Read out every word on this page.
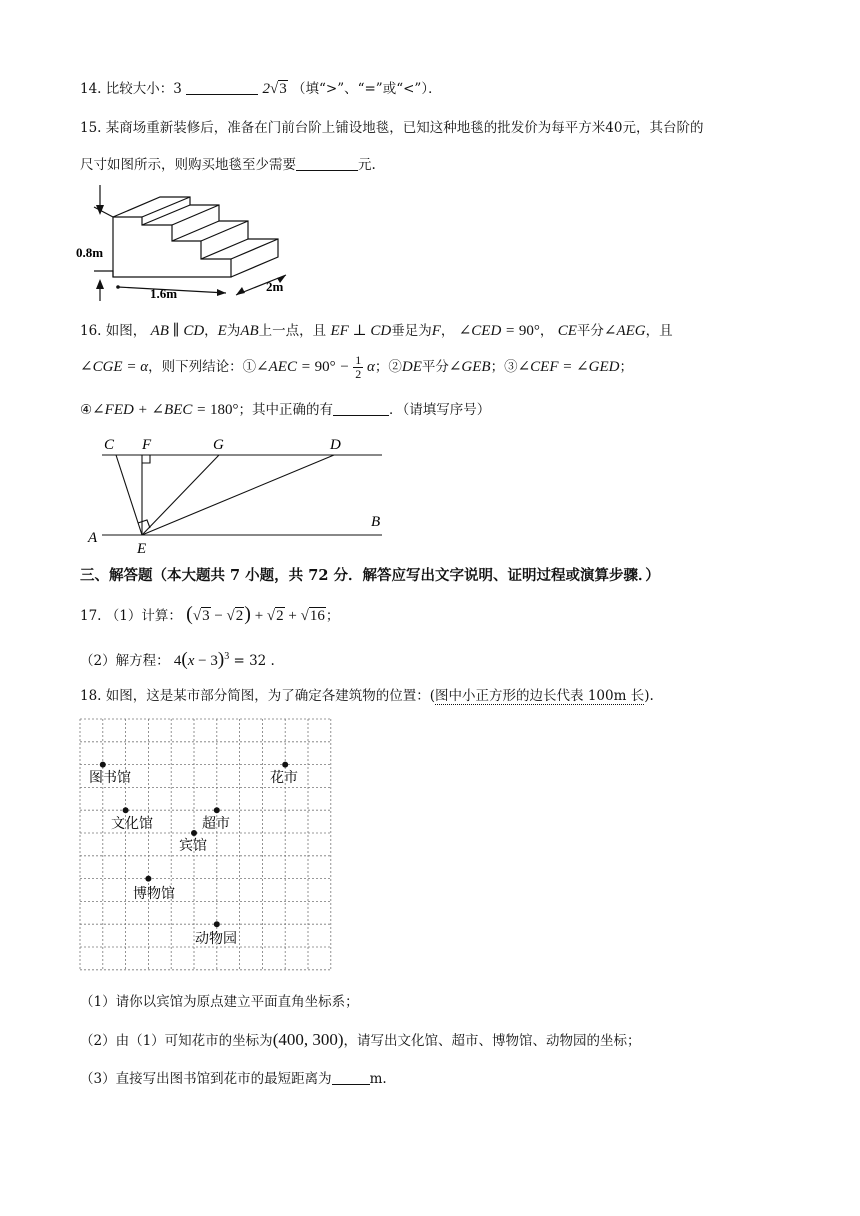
14. 比较大小：3	2√3 （填“>”、“=”或“<”）．
15. 某商场重新装修后，准备在门前台阶上铺设地毯，已知这种地毯的批发价为每平方米40元，其台阶的
尺寸如图所示，则购买地毯至少需要	元.
0.8m
1.6m	2m
16. 如图， AB ∥ CD，E为AB上一点，且 EF ⊥ CD垂足为F， ∠CED = 90°， CE平分∠AEG，且
∠CGE = α，则下列结论：①∠AEC = $90^\circ - \frac{1}{2}$ α；②DE平分∠GEB；③∠CEF = ∠GED；
④∠FED + ∠BEC = 180°；其中正确的有	．（请填写序号）
C F	G	D
A
B
E
三、解答题（本大题共 7 小题，共 72 分．解答应写出文字说明、证明过程或演算步骤．）
17. （1）计算： (√3 − √2) + √2 + √16；
（2）解方程： $4(x - 3)^3 = 32$ .
18. 如图，这是某市部分简图，为了确定各建筑物的位置：(图中小正方形的边长代表 100m 长).
图书馆	花市
文化馆	超市
宾馆
博物馆
动物园
（1）请你以宾馆为原点建立平面直角坐标系；
（2）由（1）可知花市的坐标为(400, 300)，请写出文化馆、超市、博物馆、动物园的坐标；
（3）直接写出图书馆到花市的最短距离为	m.
